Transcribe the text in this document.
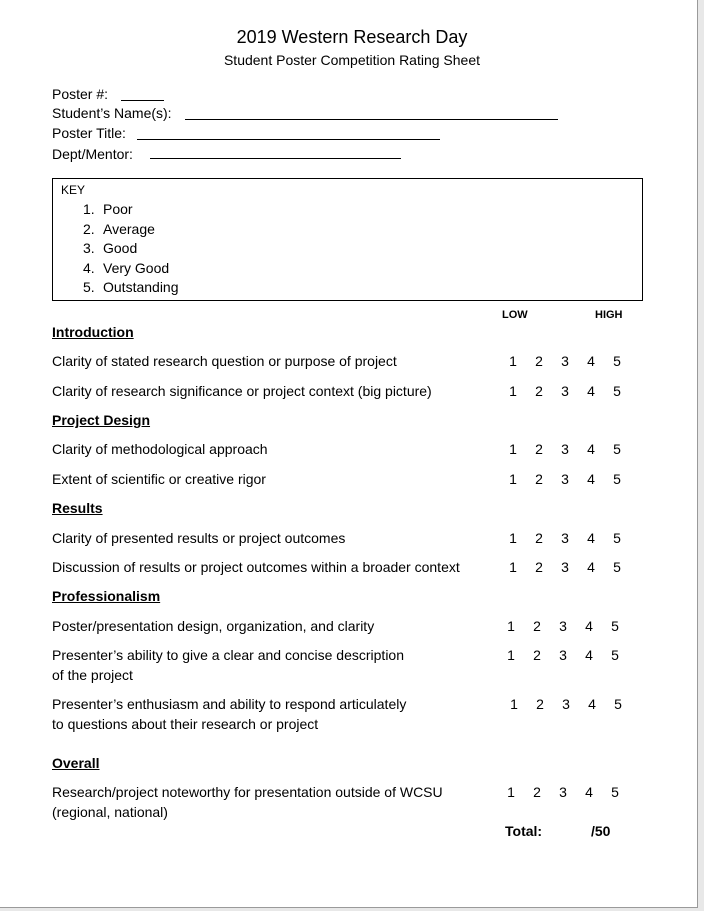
2019 Western Research Day
Student Poster Competition Rating Sheet
Poster #:
Student’s Name(s):
Poster Title:
Dept/Mentor:
KEY
1. Poor
2. Average
3. Good
4. Very Good
5. Outstanding
LOW	HIGH
Introduction
Clarity of stated research question or purpose of project	1 2 3 4 5
Clarity of research significance or project context (big picture)	1 2 3 4 5
Project Design
Clarity of methodological approach	1 2 3 4 5
Extent of scientific or creative rigor	1 2 3 4 5
Results
Clarity of presented results or project outcomes	1 2 3 4 5
Discussion of results or project outcomes within a broader context	1 2 3 4 5
Professionalism
Poster/presentation design, organization, and clarity	1 2 3 4 5
Presenter’s ability to give a clear and concise description
of the project
1 2 3 4 5
Presenter’s enthusiasm and ability to respond articulately
to questions about their research or project
1 2 3 4 5
Overall
Research/project noteworthy for presentation outside of WCSU
(regional, national)
1 2 3 4 5
Total:	/50
